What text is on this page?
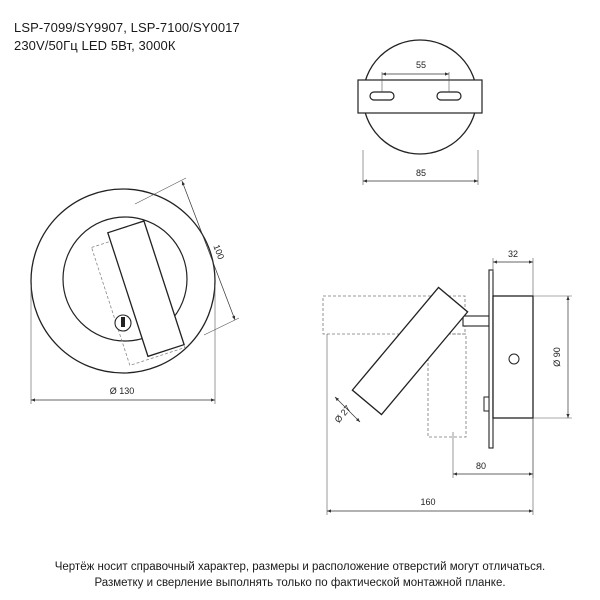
LSP-7099/SY9907, LSP-7100/SY0017
230V/50Гц LED 5Вт, 3000К
55
85
100
Ø 130
32
Ø 90
Ø 27
80
160
Чертёж носит справочный характер, размеры и расположение отверстий могут отличаться.
Разметку и сверление выполнять только по фактической монтажной планке.
